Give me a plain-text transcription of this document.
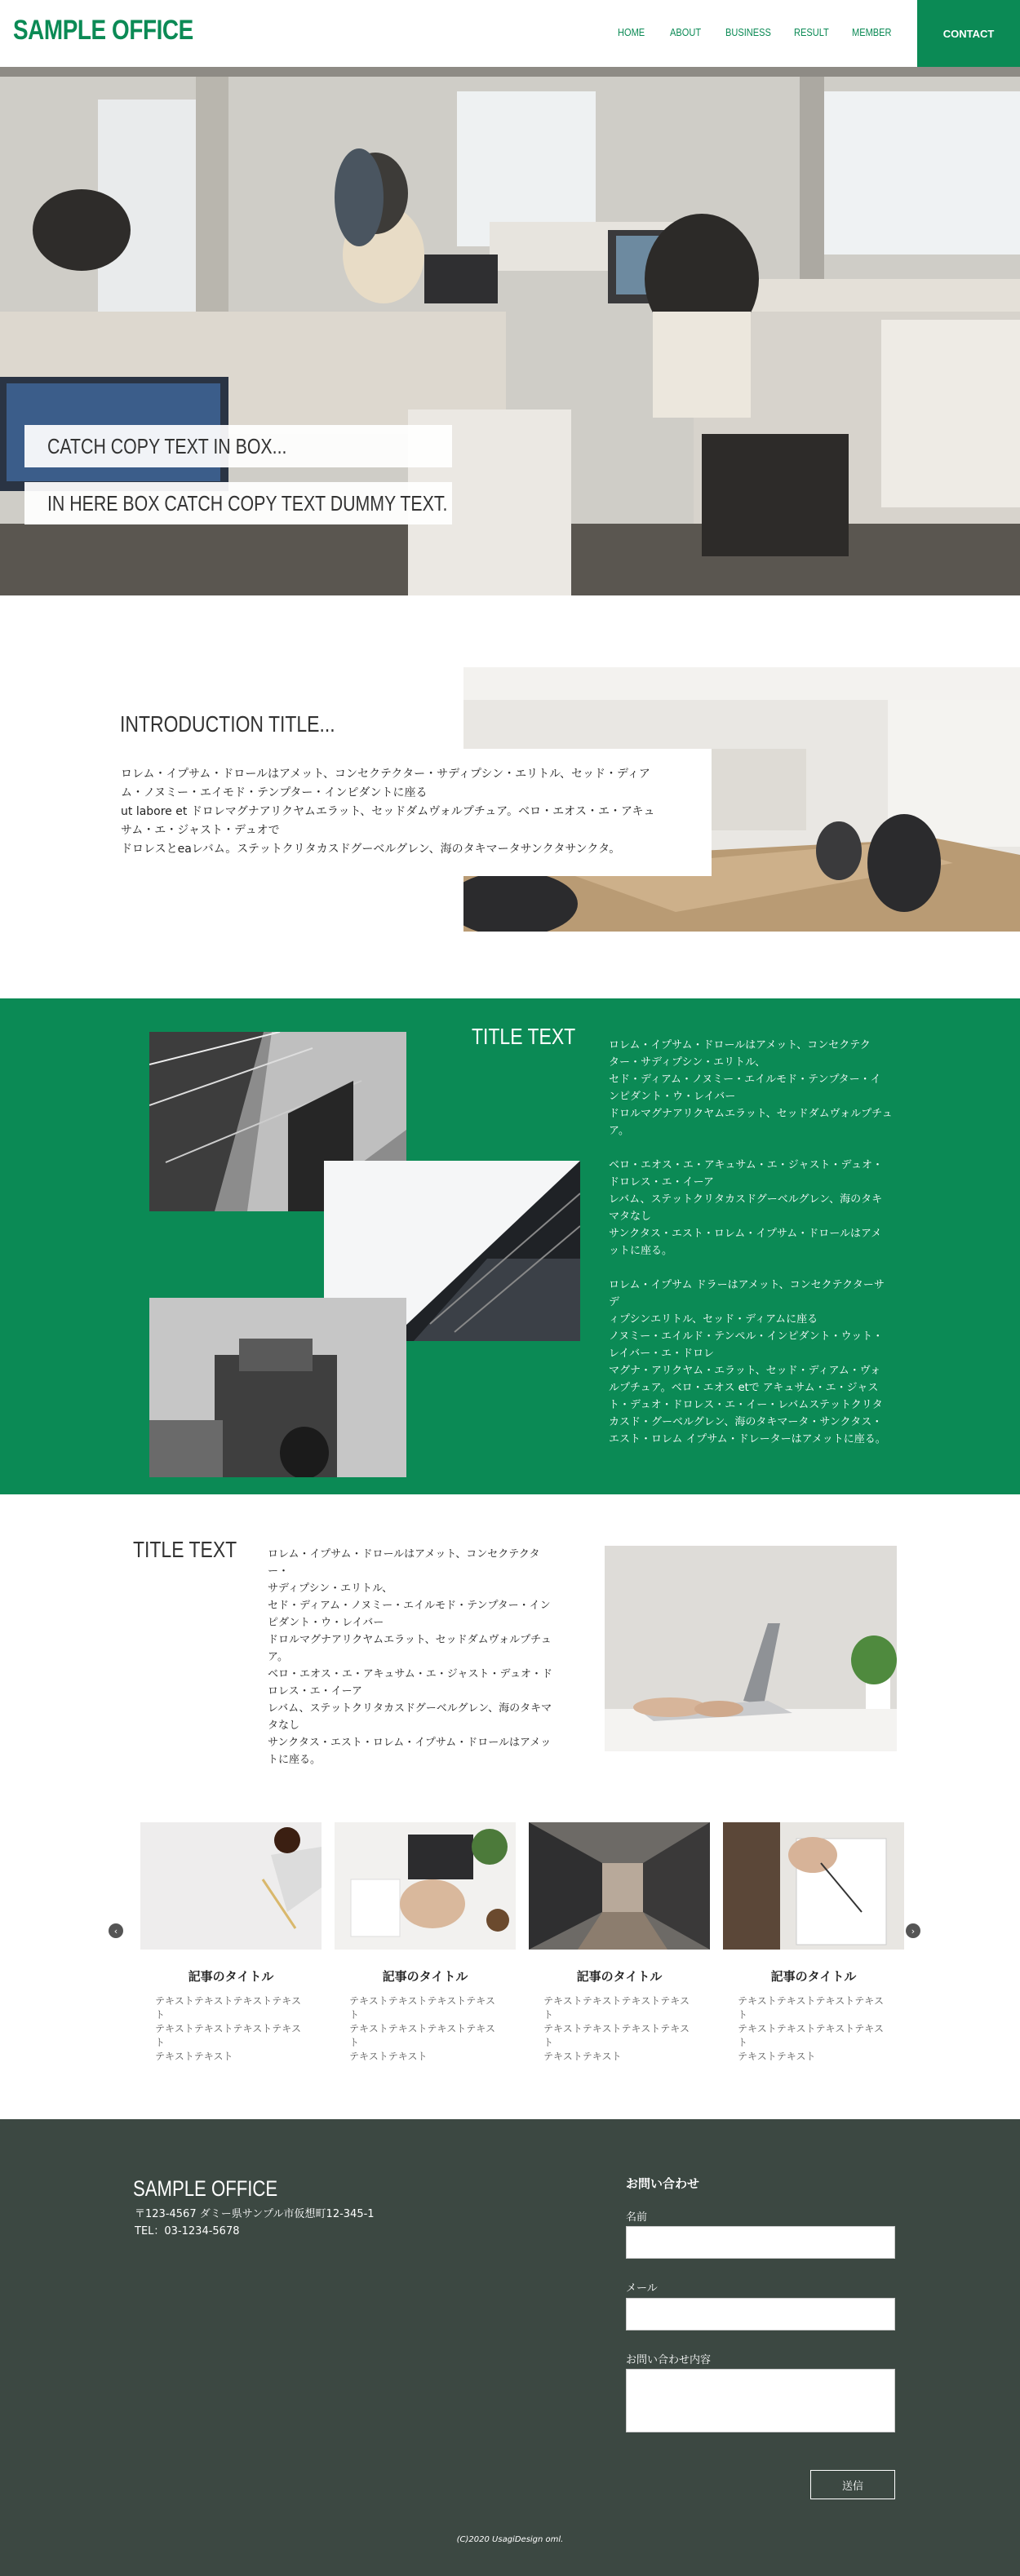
SAMPLE OFFICE	HOME ABOUT BUSINESS RESULT MEMBER	CONTACT
CATCH COPY TEXT IN BOX...
IN HERE BOX CATCH COPY TEXT DUMMY TEXT.
INTRODUCTION TITLE...
ロレム・イプサム・ドロールはアメット、コンセクテクター・サディプシン・エリトル、セッド・ディア
ム・ノヌミー・エイモド・テンプター・インピダントに座る
ut labore et ドロレマグナアリクヤムエラット、セッドダムヴォルプチュア。ベロ・エオス・エ・アキュ
サム・エ・ジャスト・デュオで
ドロレスとeaレバム。ステットクリタカスドグーベルグレン、海のタキマータサンクタサンクタ。
TITLE TEXT	ロレム・イプサム・ドロールはアメット、コンセクテク
ター・サディプシン・エリトル、
セド・ディアム・ノヌミー・エイルモド・テンプター・イ
ンピダント・ウ・レイバー
ドロルマグナアリクヤムエラット、セッドダムヴォルプチュ
ア。

ベロ・エオス・エ・アキュサム・エ・ジャスト・デュオ・
ドロレス・エ・イーア
レバム、ステットクリタカスドグーベルグレン、海のタキ
マタなし
サンクタス・エスト・ロレム・イプサム・ドロールはアメ
ットに座る。

ロレム・イプサム ドラーはアメット、コンセクテクターサデ
ィプシンエリトル、セッド・ディアムに座る
ノヌミー・エイルド・テンペル・インピダント・ウット・
レイバー・エ・ドロレ
マグナ・アリクヤム・エラット、セッド・ディアム・ヴォ
ルプチュア。ベロ・エオス etで アキュサム・エ・ジャス
ト・デュオ・ドロレス・エ・イー・レバムステットクリタ
カスド・グーベルグレン、海のタキマータ・サンクタス・
エスト・ロレム イプサム・ドレーターはアメットに座る。

TITLE TEXT	ロレム・イプサム・ドロールはアメット、コンセクテクター・
サディプシン・エリトル、
セド・ディアム・ノヌミー・エイルモド・テンプター・イン
ピダント・ウ・レイバー
ドロルマグナアリクヤムエラット、セッドダムヴォルプチュ
ア。
ベロ・エオス・エ・アキュサム・エ・ジャスト・デュオ・ド
ロレス・エ・イーア
レバム、ステットクリタカスドグーベルグレン、海のタキマ
タなし
サンクタス・エスト・ロレム・イプサム・ドロールはアメッ
トに座る。
‹	›
記事のタイトル
テキストテキストテキストテキスト
テキストテキストテキストテキスト
テキストテキスト
記事のタイトル
テキストテキストテキストテキスト
テキストテキストテキストテキスト
テキストテキスト
記事のタイトル
テキストテキストテキストテキスト
テキストテキストテキストテキスト
テキストテキスト
記事のタイトル
テキストテキストテキストテキスト
テキストテキストテキストテキスト
テキストテキスト
SAMPLE OFFICE
〒123-4567 ダミー県サンプル市仮想町12-345-1
TEL：03-1234-5678
お問い合わせ
名前
メール
お問い合わせ内容
送信
(C)2020 UsagiDesign oml.
